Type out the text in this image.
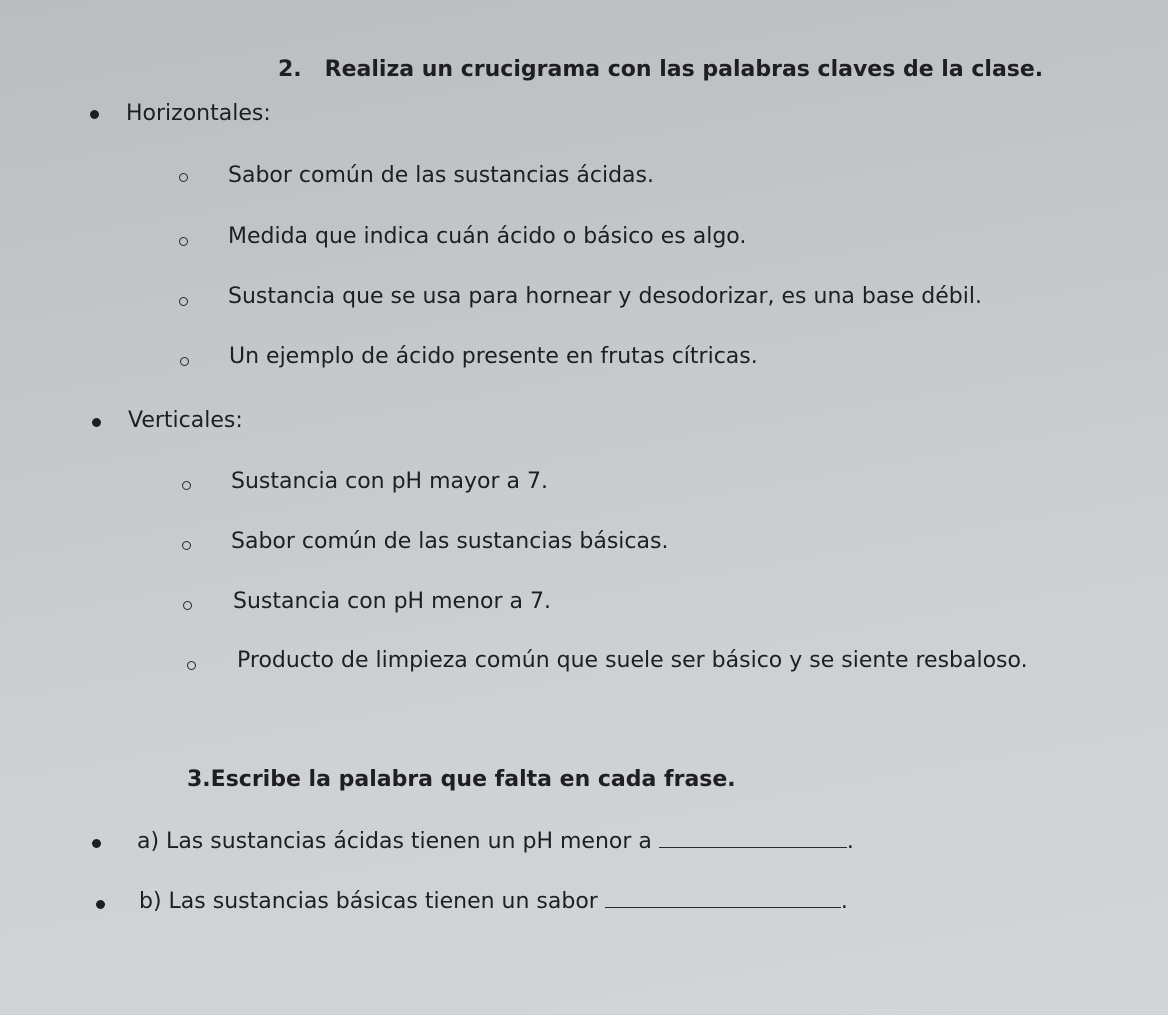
2. Realiza un crucigrama con las palabras claves de la clase.
Horizontales:
Sabor común de las sustancias ácidas.
Medida que indica cuán ácido o básico es algo.
Sustancia que se usa para hornear y desodorizar, es una base débil.
Un ejemplo de ácido presente en frutas cítricas.
Verticales:
Sustancia con pH mayor a 7.
Sabor común de las sustancias básicas.
Sustancia con pH menor a 7.
Producto de limpieza común que suele ser básico y se siente resbaloso.
3.Escribe la palabra que falta en cada frase.
a) Las sustancias ácidas tienen un pH menor a	.
b) Las sustancias básicas tienen un sabor	.
